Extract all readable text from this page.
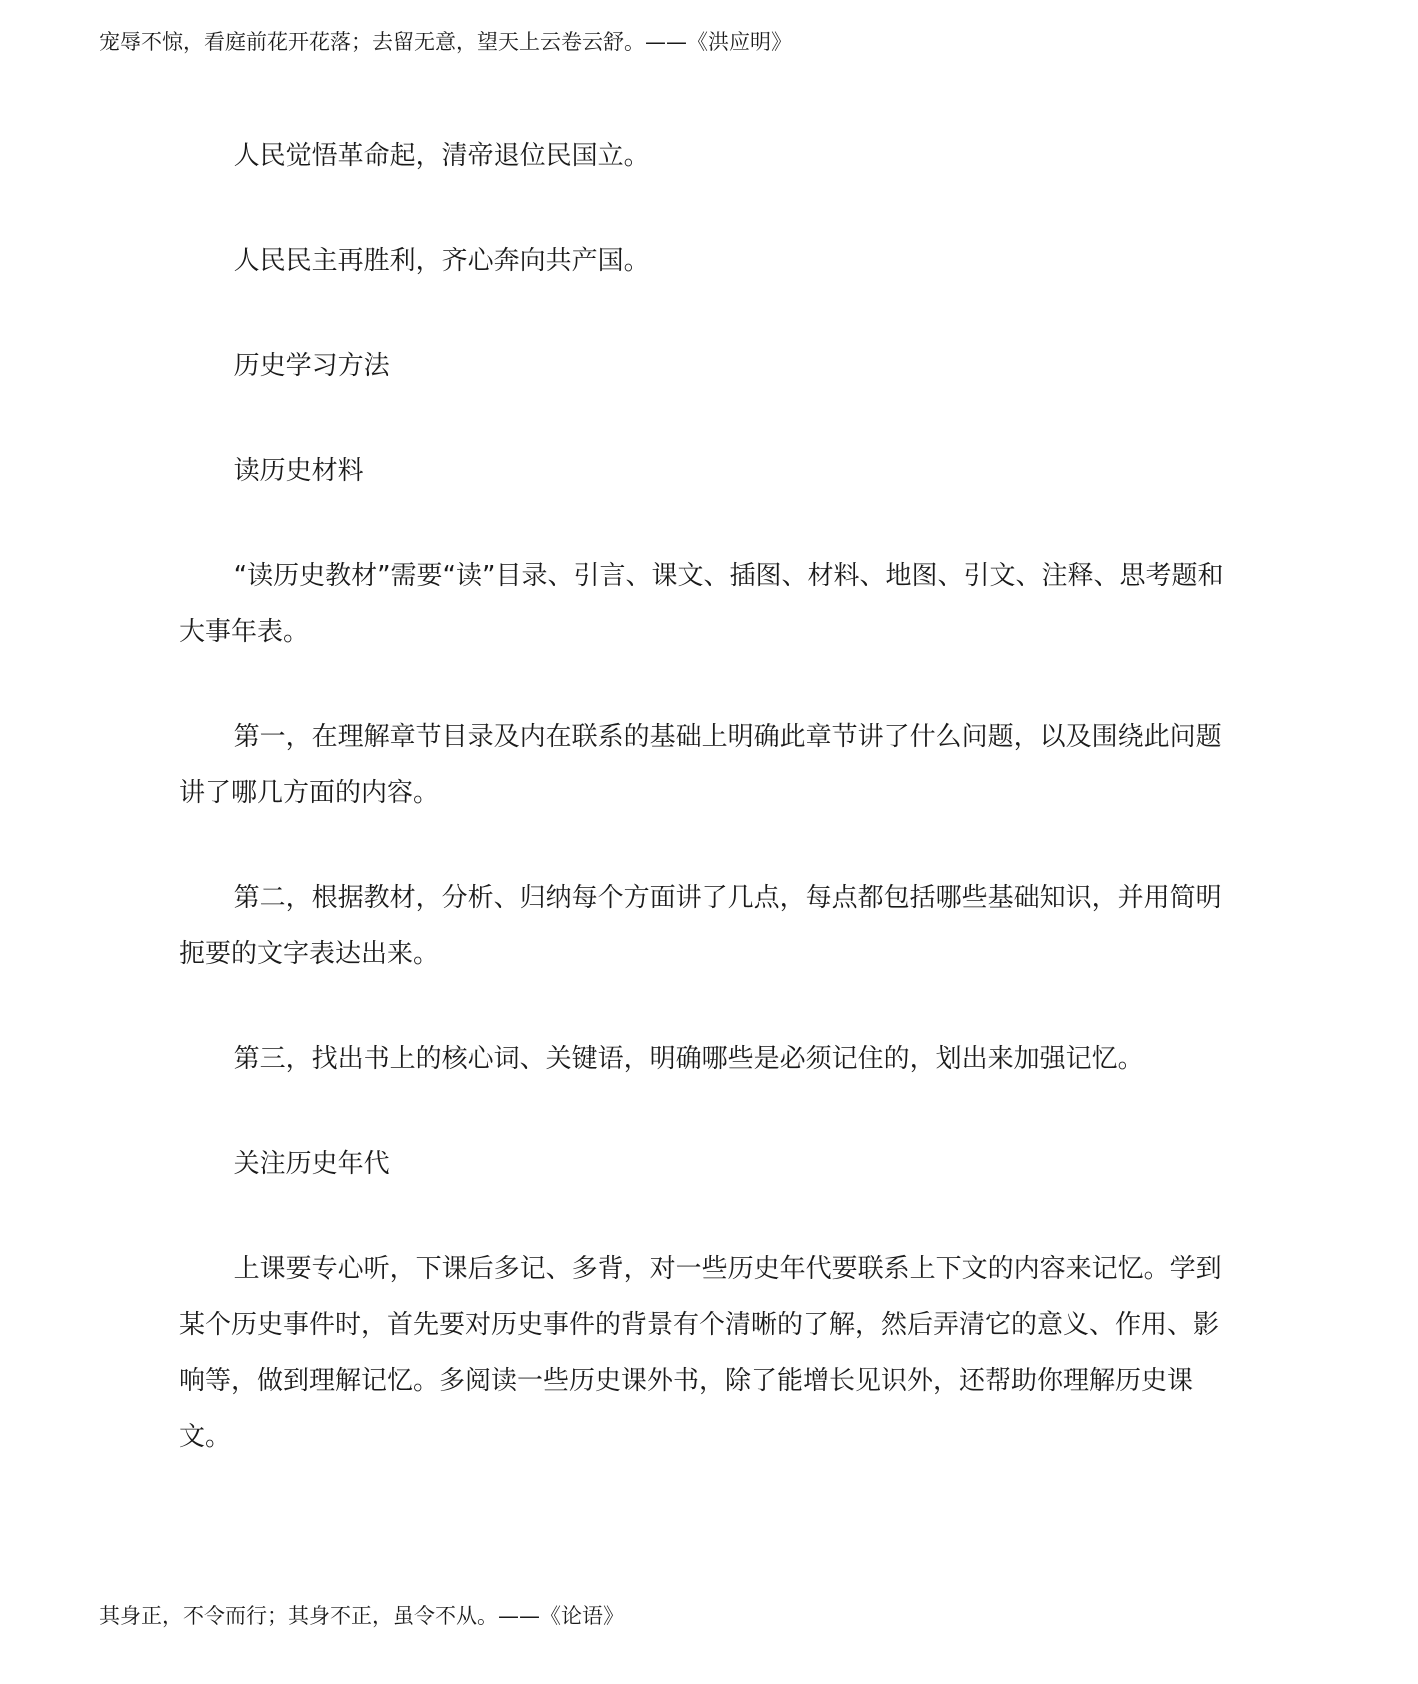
宠辱不惊，看庭前花开花落；去留无意，望天上云卷云舒。——《洪应明》

人民觉悟革命起，清帝退位民国立。

人民民主再胜利，齐心奔向共产国。

历史学习方法

读历史材料

“读历史教材”需要“读”目录、引言、课文、插图、材料、地图、引文、注释、思考题和大事年表。

第一，在理解章节目录及内在联系的基础上明确此章节讲了什么问题，以及围绕此问题讲了哪几方面的内容。

第二，根据教材，分析、归纳每个方面讲了几点，每点都包括哪些基础知识，并用简明扼要的文字表达出来。

第三，找出书上的核心词、关键语，明确哪些是必须记住的，划出来加强记忆。

关注历史年代

上课要专心听，下课后多记、多背，对一些历史年代要联系上下文的内容来记忆。学到某个历史事件时，首先要对历史事件的背景有个清晰的了解，然后弄清它的意义、作用、影响等，做到理解记忆。多阅读一些历史课外书，除了能增长见识外，还帮助你理解历史课文。

其身正，不令而行；其身不正，虽令不从。——《论语》
